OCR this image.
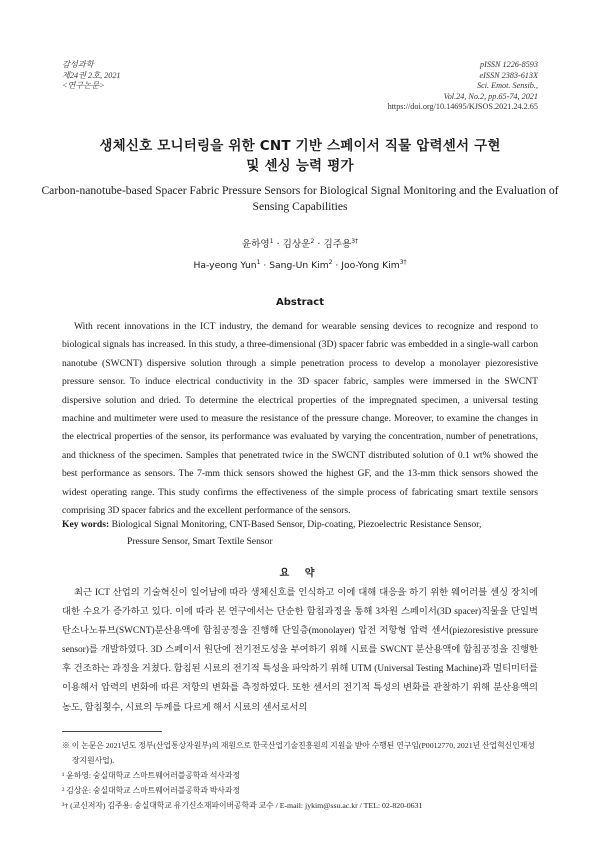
감성과학
제24권 2호, 2021
<연구논문>
pISSN 1226-8593
eISSN 2383-613X
Sci. Emot. Sensib.,
Vol.24, No.2, pp.65-74, 2021
https://doi.org/10.14695/KJSOS.2021.24.2.65
생체신호 모니터링을 위한 CNT 기반 스페이서 직물 압력센서 구현
및 센싱 능력 평가
Carbon-nanotube-based Spacer Fabric Pressure Sensors for Biological Signal Monitoring and the Evaluation of Sensing Capabilities
윤하영$^1$ · 김상운$^2$ · 김주용$^{3\dagger}$
Ha-yeong Yun$^1$ · Sang-Un Kim$^2$ · Joo-Yong Kim$^{3\dagger}$
Abstract
With recent innovations in the ICT industry, the demand for wearable sensing devices to recognize and respond to biological signals has increased. In this study, a three-dimensional (3D) spacer fabric was embedded in a single-wall carbon nanotube (SWCNT) dispersive solution through a simple penetration process to develop a monolayer piezoresistive pressure sensor. To induce electrical conductivity in the 3D spacer fabric, samples were immersed in the SWCNT dispersive solution and dried. To determine the electrical properties of the impregnated specimen, a universal testing machine and multimeter were used to measure the resistance of the pressure change. Moreover, to examine the changes in the electrical properties of the sensor, its performance was evaluated by varying the concentration, number of penetrations, and thickness of the specimen. Samples that penetrated twice in the SWCNT distributed solution of 0.1 wt% showed the best performance as sensors. The 7-mm thick sensors showed the highest GF, and the 13-mm thick sensors showed the widest operating range. This study confirms the effectiveness of the simple process of fabricating smart textile sensors comprising 3D spacer fabrics and the excellent performance of the sensors.
Key words: Biological Signal Monitoring, CNT-Based Sensor, Dip-coating, Piezoelectric Resistance Sensor,
Pressure Sensor, Smart Textile Sensor
요 약
최근 ICT 산업의 기술혁신이 일어남에 따라 생체신호를 인식하고 이에 대해 대응을 하기 위한 웨어러블 센싱 장치에 대한 수요가 증가하고 있다. 이에 따라 본 연구에서는 단순한 함침과정을 통해 3차원 스페이서(3D spacer)직물을 단일벽 탄소나노튜브(SWCNT)분산용액에 함침공정을 진행해 단일층(monolayer) 압전 저항형 압력 센서(piezoresistive pressure sensor)를 개발하였다. 3D 스페이서 원단에 전기전도성을 부여하기 위해 시료를 SWCNT 분산용액에 함침공정을 진행한 후 건조하는 과정을 거쳤다. 함침된 시료의 전기적 특성을 파악하기 위해 UTM (Universal Testing Machine)과 멀티미터를 이용해서 압력의 변화에 따른 저항의 변화를 측정하였다. 또한 센서의 전기적 특성의 변화를 관찰하기 위해 분산용액의 농도, 함침횟수, 시료의 두께를 다르게 해서 시료의 센서로서의
※ 이 논문은 2021년도 정부(산업통상자원부)의 재원으로 한국산업기술진흥원의 지원을 받아 수행된 연구임(P0012770, 2021년 산업혁신인재성장지원사업).
¹ 윤하영: 숭실대학교 스마트웨어러블공학과 석사과정
² 김상운: 숭실대학교 스마트웨어러블공학과 박사과정
³† (교신저자) 김주용: 숭실대학교 유기신소재파이버공학과 교수 / E-mail: jykim@ssu.ac.kr / TEL: 02-820-0631
